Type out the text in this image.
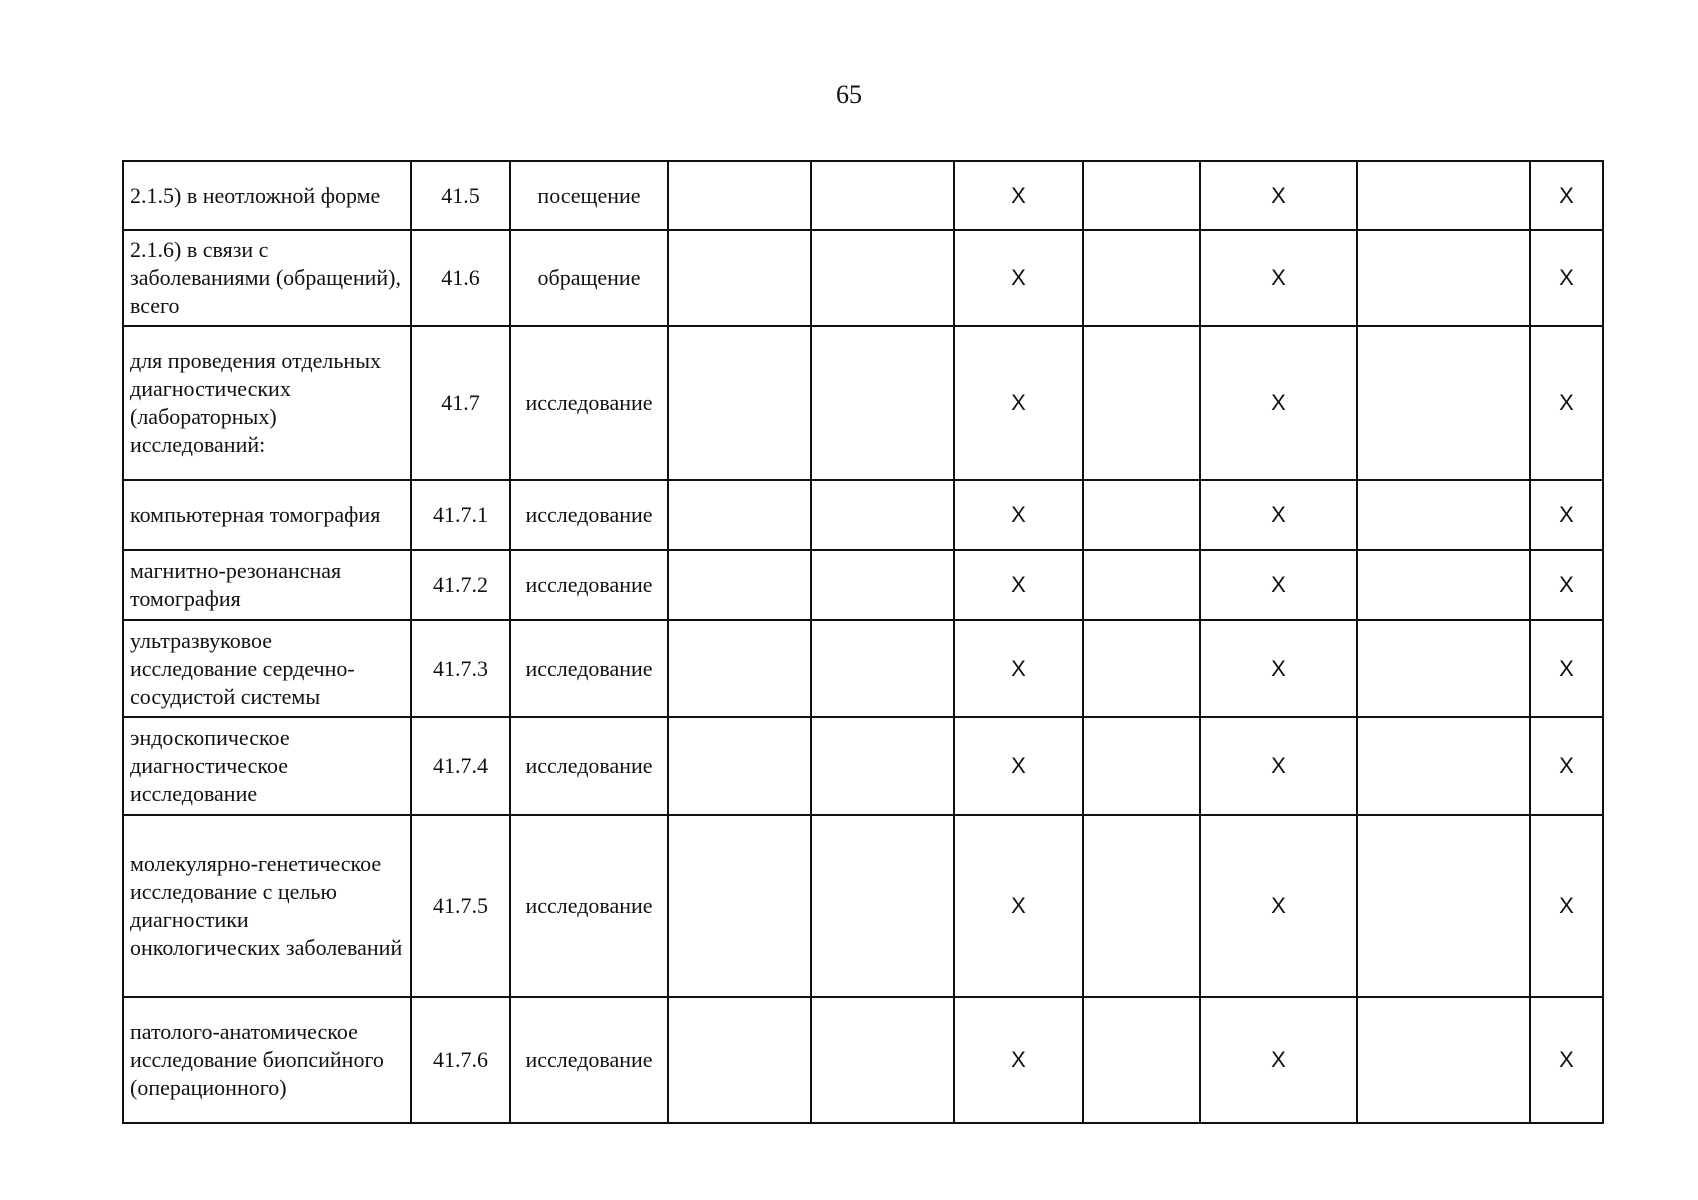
65
2.1.5) в неотложной форме	41.5	посещение			X		X		X
2.1.6) в связи с заболеваниями (обращений), всего	41.6	обращение			X		X		X
для проведения отдельных диагностических (лабораторных) исследований:	41.7	исследование			X		X		X
компьютерная томография	41.7.1	исследование			X		X		X
магнитно-резонансная томография	41.7.2	исследование			X		X		X
ультразвуковое исследование сердечно-сосудистой системы	41.7.3	исследование			X		X		X
эндоскопическое диагностическое исследование	41.7.4	исследование			X		X		X
молекулярно-генетическое исследование с целью диагностики онкологических заболеваний	41.7.5	исследование			X		X		X
патолого-анатомическое исследование биопсийного (операционного)	41.7.6	исследование			X		X		X
